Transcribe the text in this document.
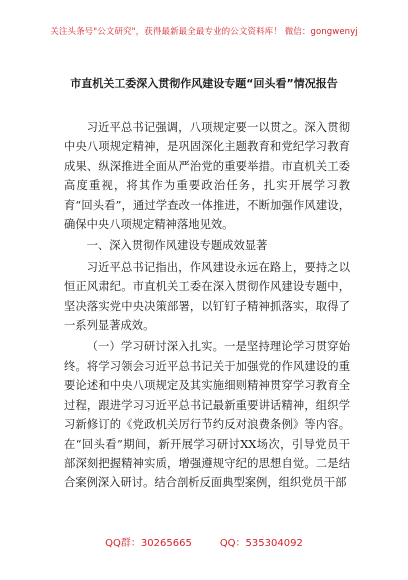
关注头条号"公文研究"，获得最新最全最专业的公文资料库！ 微信：gongwenyj
市直机关工委深入贯彻作风建设专题“回头看”情况报告

习近平总书记强调，八项规定要一以贯之。深入贯彻中央八项规定精神，是巩固深化主题教育和党纪学习教育成果、纵深推进全面从严治党的重要举措。市直机关工委高度重视，将其作为重要政治任务，扎实开展学习教育“回头看”，通过学查改一体推进，不断加强作风建设，确保中央八项规定精神落地见效。

一、深入贯彻作风建设专题成效显著

习近平总书记指出，作风建设永远在路上，要持之以恒正风肃纪。市直机关工委在深入贯彻作风建设专题中，坚决落实党中央决策部署，以钉钉子精神抓落实，取得了一系列显著成效。

（一）学习研讨深入扎实。一是坚持理论学习贯穿始终。将学习领会习近平总书记关于加强党的作风建设的重要论述和中央八项规定及其实施细则精神贯穿学习教育全过程，跟进学习习近平总书记最新重要讲话精神，组织学习新修订的《党政机关厉行节约反对浪费条例》等内容。在“回头看”期间，新开展学习研讨XX场次，引导党员干部深刻把握精神实质，增强遵规守纪的思想自觉。二是结合案例深入研讨。结合剖析反面典型案例，组织党员干部

QQ群：30265665	QQ：535304092
